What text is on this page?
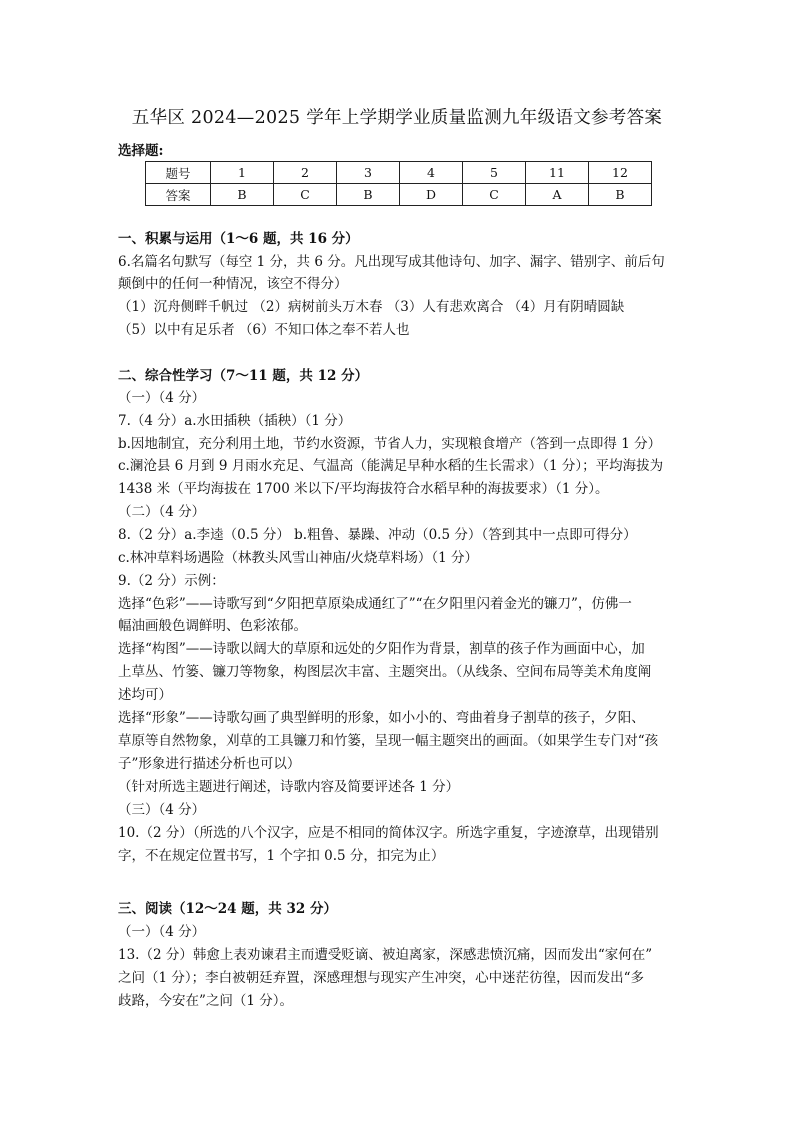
五华区 2024—2025 学年上学期学业质量监测九年级语文参考答案
选择题:
题号	1	2	3	4	5	11	12
答案	B	C	B	D	C	A	B
一、积累与运用（1～6 题，共 16 分）
6.名篇名句默写（每空 1 分，共 6 分。凡出现写成其他诗句、加字、漏字、错别字、前后句
颠倒中的任何一种情况，该空不得分）
（1）沉舟侧畔千帆过 （2）病树前头万木春 （3）人有悲欢离合 （4）月有阴晴圆缺
（5）以中有足乐者 （6）不知口体之奉不若人也
二、综合性学习（7～11 题，共 12 分）
（一）（4 分）
7.（4 分）a.水田插秧（插秧）（1 分）
b.因地制宜，充分利用土地，节约水资源，节省人力，实现粮食增产（答到一点即得 1 分）
c.澜沧县 6 月到 9 月雨水充足、气温高（能满足早种水稻的生长需求）（1 分）；平均海拔为
1438 米（平均海拔在 1700 米以下/平均海拔符合水稻早种的海拔要求）（1 分）。
（二）（4 分）
8.（2 分）a.李逵（0.5 分） b.粗鲁、暴躁、冲动（0.5 分）（答到其中一点即可得分）
c.林冲草料场遇险（林教头风雪山神庙/火烧草料场）（1 分）
9.（2 分）示例：
选择“色彩”——诗歌写到“夕阳把草原染成通红了”“在夕阳里闪着金光的镰刀”，仿佛一
幅油画般色调鲜明、色彩浓郁。
选择“构图”——诗歌以阔大的草原和远处的夕阳作为背景，割草的孩子作为画面中心，加
上草丛、竹篓、镰刀等物象，构图层次丰富、主题突出。（从线条、空间布局等美术角度阐
述均可）
选择“形象”——诗歌勾画了典型鲜明的形象，如小小的、弯曲着身子割草的孩子，夕阳、
草原等自然物象，刈草的工具镰刀和竹篓，呈现一幅主题突出的画面。（如果学生专门对“孩
子”形象进行描述分析也可以）
（针对所选主题进行阐述，诗歌内容及简要评述各 1 分）
（三）（4 分）
10.（2 分）（所选的八个汉字，应是不相同的简体汉字。所选字重复，字迹潦草，出现错别
字，不在规定位置书写，1 个字扣 0.5 分，扣完为止）
三、阅读（12～24 题，共 32 分）
（一）（4 分）
13.（2 分）韩愈上表劝谏君主而遭受贬谪、被迫离家，深感悲愤沉痛，因而发出“家何在”
之问（1 分）；李白被朝廷弃置，深感理想与现实产生冲突，心中迷茫彷徨，因而发出“多
歧路，今安在”之问（1 分）。
